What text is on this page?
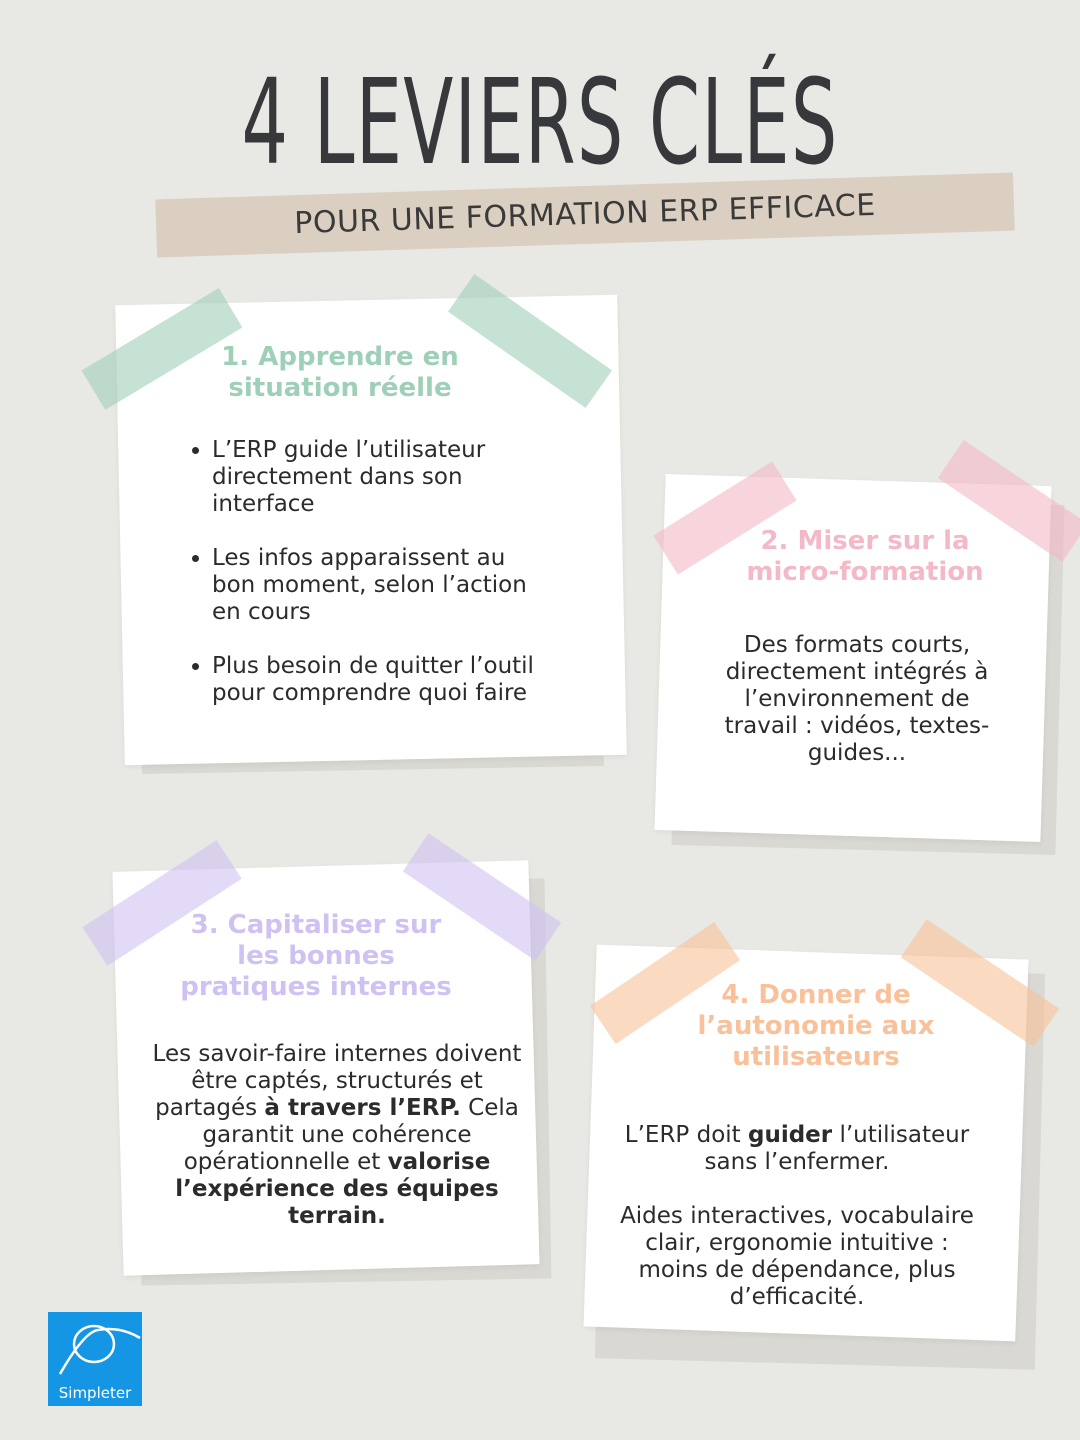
4 LEVIERS CLÉS
POUR UNE FORMATION ERP EFFICACE
1. Apprendre en situation réelle
• L’ERP guide l’utilisateur directement dans son interface
• Les infos apparaissent au bon moment, selon l’action en cours
• Plus besoin de quitter l’outil pour comprendre quoi faire
2. Miser sur la micro-formation
Des formats courts, directement intégrés à l’environnement de travail : vidéos, textes-guides...
3. Capitaliser sur les bonnes pratiques internes
Les savoir-faire internes doivent être captés, structurés et partagés à travers l’ERP. Cela garantit une cohérence opérationnelle et valorise l’expérience des équipes terrain.
4. Donner de l’autonomie aux utilisateurs
L’ERP doit guider l’utilisateur sans l’enfermer.
Aides interactives, vocabulaire clair, ergonomie intuitive : moins de dépendance, plus d’efficacité.
Simpleter
